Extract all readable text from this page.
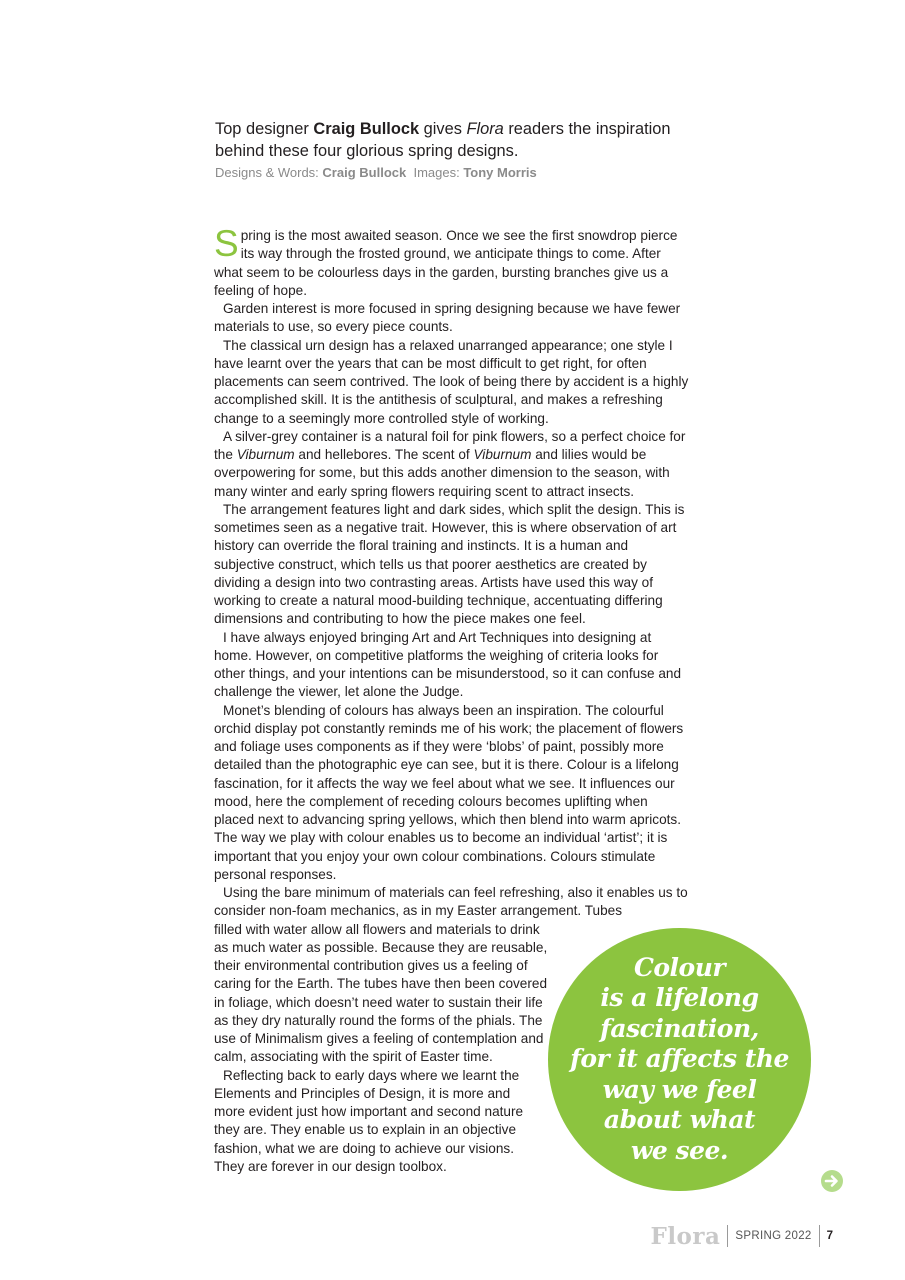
Top designer Craig Bullock gives Flora readers the inspiration behind these four glorious spring designs.
Designs & Words: Craig Bullock Images: Tony Morris

Spring is the most awaited season. Once we see the first snowdrop pierce its way through the frosted ground, we anticipate things to come. After what seem to be colourless days in the garden, bursting branches give us a feeling of hope.

Garden interest is more focused in spring designing because we have fewer materials to use, so every piece counts.

The classical urn design has a relaxed unarranged appearance; one style I have learnt over the years that can be most difficult to get right, for often placements can seem contrived. The look of being there by accident is a highly accomplished skill. It is the antithesis of sculptural, and makes a refreshing change to a seemingly more controlled style of working.

A silver-grey container is a natural foil for pink flowers, so a perfect choice for the Viburnum and hellebores. The scent of Viburnum and lilies would be overpowering for some, but this adds another dimension to the season, with many winter and early spring flowers requiring scent to attract insects.

The arrangement features light and dark sides, which split the design. This is sometimes seen as a negative trait. However, this is where observation of art history can override the floral training and instincts. It is a human and subjective construct, which tells us that poorer aesthetics are created by dividing a design into two contrasting areas. Artists have used this way of working to create a natural mood-building technique, accentuating differing dimensions and contributing to how the piece makes one feel.

I have always enjoyed bringing Art and Art Techniques into designing at home. However, on competitive platforms the weighing of criteria looks for other things, and your intentions can be misunderstood, so it can confuse and challenge the viewer, let alone the Judge.

Monet’s blending of colours has always been an inspiration. The colourful orchid display pot constantly reminds me of his work; the placement of flowers and foliage uses components as if they were ‘blobs’ of paint, possibly more detailed than the photographic eye can see, but it is there. Colour is a lifelong fascination, for it affects the way we feel about what we see. It influences our mood, here the complement of receding colours becomes uplifting when placed next to advancing spring yellows, which then blend into warm apricots. The way we play with colour enables us to become an individual ‘artist’; it is important that you enjoy your own colour combinations. Colours stimulate personal responses.

Using the bare minimum of materials can feel refreshing, also it enables us to consider non-foam mechanics, as in my Easter arrangement. Tubes

filled with water allow all flowers and materials to drink as much water as possible. Because they are reusable, their environmental contribution gives us a feeling of caring for the Earth. The tubes have then been covered in foliage, which doesn’t need water to sustain their life as they dry naturally round the forms of the phials. The use of Minimalism gives a feeling of contemplation and calm, associating with the spirit of Easter time.

Reflecting back to early days where we learnt the Elements and Principles of Design, it is more and more evident just how important and second nature they are. They enable us to explain in an objective fashion, what we are doing to achieve our visions. They are forever in our design toolbox.

Colour
is a lifelong
fascination,
for it affects the
way we feel
about what
we see.
Flora SPRING 2022 7
